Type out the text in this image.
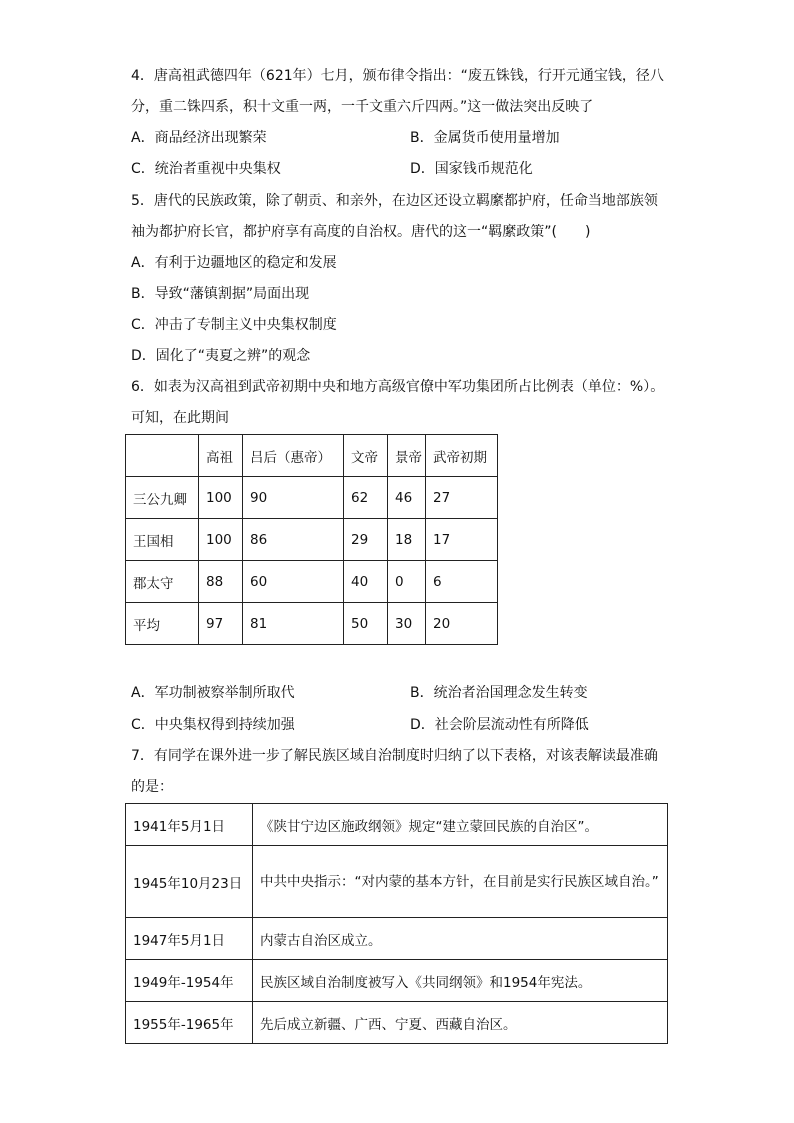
4．唐高祖武德四年（621年）七月，颁布律令指出：“废五铢钱，行开元通宝钱，径八
分，重二铢四系，积十文重一两，一千文重六斤四两。”这一做法突出反映了
A．商品经济出现繁荣	B．金属货币使用量增加
C．统治者重视中央集权	D．国家钱币规范化
5．唐代的民族政策，除了朝贡、和亲外，在边区还设立羁縻都护府，任命当地部族领
袖为都护府长官，都护府享有高度的自治权。唐代的这一“羁縻政策”(　　)
A．有利于边疆地区的稳定和发展
B．导致“藩镇割据”局面出现
C．冲击了专制主义中央集权制度
D．固化了“夷夏之辨”的观念
6．如表为汉高祖到武帝初期中央和地方高级官僚中军功集团所占比例表（单位：%）。
可知，在此期间
	高祖	吕后（惠帝）	文帝	景帝	武帝初期
三公九卿	100	90	62	46	27
王国相	100	86	29	18	17
郡太守	88	60	40	0	6
平均	97	81	50	30	20
A．军功制被察举制所取代	B．统治者治国理念发生转变
C．中央集权得到持续加强	D．社会阶层流动性有所降低
7．有同学在课外进一步了解民族区域自治制度时归纳了以下表格，对该表解读最准确
的是：
1941年5月1日	《陕甘宁边区施政纲领》规定“建立蒙回民族的自治区”。
1945年10月23日	中共中央指示：“对内蒙的基本方针，在目前是实行民族区域自治。”
1947年5月1日	内蒙古自治区成立。
1949年-1954年	民族区域自治制度被写入《共同纲领》和1954年宪法。
1955年-1965年	先后成立新疆、广西、宁夏、西藏自治区。
